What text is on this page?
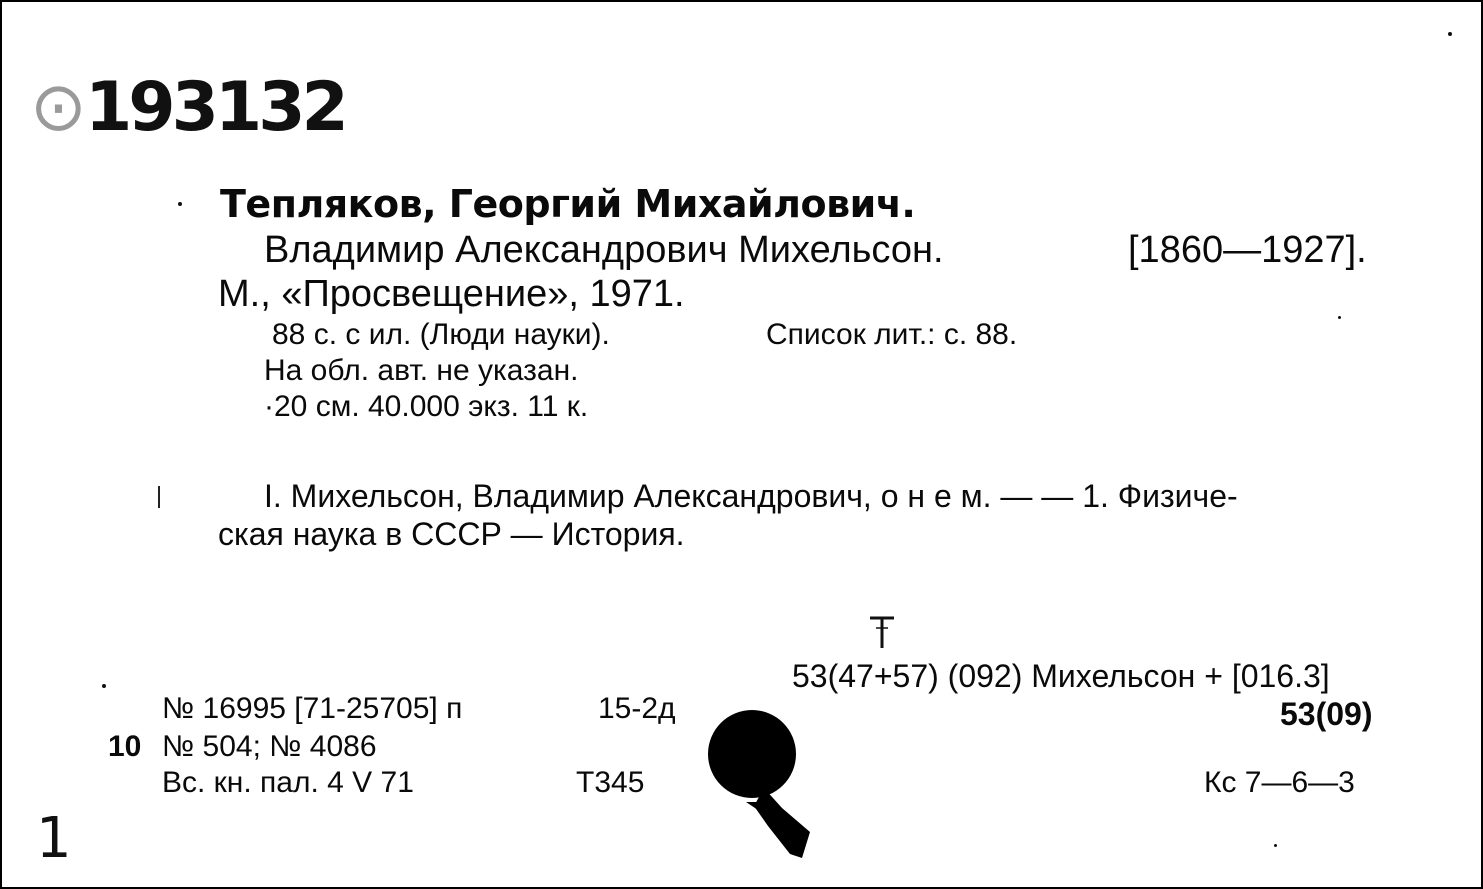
⊙193132
Тепляков, Георгий Михайлович.
Владимир Александрович Михельсон.	[1860—1927].
М., «Просвещение», 1971.
88 с. с ил. (Люди науки).	Список лит.: с. 88.
На обл. авт. не указан.
·20 см. 40.000 экз. 11 к.
I. Михельсон, Владимир Александрович, о н е м. — — 1. Физиче-
ская наука в СССР — История.
53(47+57) (092) Михельсон + [016.3]
53(09)
№ 16995 [71-25705] п	15-2д
10 № 504; № 4086
Вс. кн. пал. 4 V 71	Т345	Кс 7—6—3
1
